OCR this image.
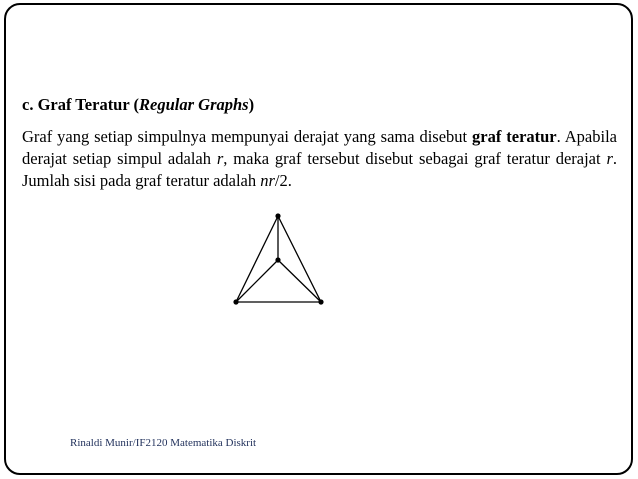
c. Graf Teratur (Regular Graphs)
Graf yang setiap simpulnya mempunyai derajat yang sama disebut graf teratur. Apabila derajat setiap simpul adalah r, maka graf tersebut disebut sebagai graf teratur derajat r. Jumlah sisi pada graf teratur adalah nr/2.
Rinaldi Munir/IF2120 Matematika Diskrit
